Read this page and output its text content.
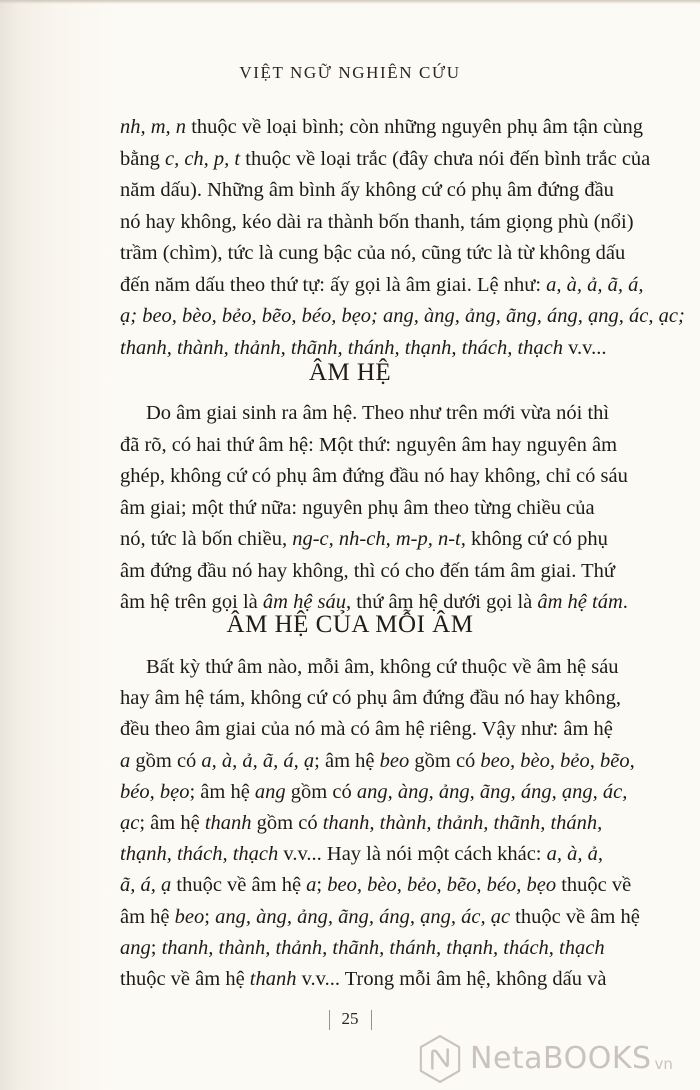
VIỆT NGỮ NGHIÊN CỨU
nh, m, n thuộc về loại bình; còn những nguyên phụ âm tận cùng
bằng c, ch, p, t thuộc về loại trắc (đây chưa nói đến bình trắc của
năm dấu). Những âm bình ấy không cứ có phụ âm đứng đầu
nó hay không, kéo dài ra thành bốn thanh, tám giọng phù (nổi)
trầm (chìm), tức là cung bậc của nó, cũng tức là từ không dấu
đến năm dấu theo thứ tự: ấy gọi là âm giai. Lệ như: a, à, ả, ã, á,
ạ; beo, bèo, bẻo, bẽo, béo, bẹo; ang, àng, ảng, ãng, áng, ạng, ác, ạc;
thanh, thành, thảnh, thãnh, thánh, thạnh, thách, thạch v.v...
ÂM HỆ
Do âm giai sinh ra âm hệ. Theo như trên mới vừa nói thì
đã rõ, có hai thứ âm hệ: Một thứ: nguyên âm hay nguyên âm
ghép, không cứ có phụ âm đứng đầu nó hay không, chỉ có sáu
âm giai; một thứ nữa: nguyên phụ âm theo từng chiều của
nó, tức là bốn chiều, ng-c, nh-ch, m-p, n-t, không cứ có phụ
âm đứng đầu nó hay không, thì có cho đến tám âm giai. Thứ
âm hệ trên gọi là âm hệ sáu, thứ âm hệ dưới gọi là âm hệ tám.
ÂM HỆ CỦA MỖI ÂM
Bất kỳ thứ âm nào, mỗi âm, không cứ thuộc về âm hệ sáu
hay âm hệ tám, không cứ có phụ âm đứng đầu nó hay không,
đều theo âm giai của nó mà có âm hệ riêng. Vậy như: âm hệ
a gồm có a, à, ả, ã, á, ạ; âm hệ beo gồm có beo, bèo, bẻo, bẽo,
béo, bẹo; âm hệ ang gồm có ang, àng, ảng, ãng, áng, ạng, ác,
ạc; âm hệ thanh gồm có thanh, thành, thảnh, thãnh, thánh,
thạnh, thách, thạch v.v... Hay là nói một cách khác: a, à, ả,
ã, á, ạ thuộc về âm hệ a; beo, bèo, bẻo, bẽo, béo, bẹo thuộc về
âm hệ beo; ang, àng, ảng, ãng, áng, ạng, ác, ạc thuộc về âm hệ
ang; thanh, thành, thảnh, thãnh, thánh, thạnh, thách, thạch
thuộc về âm hệ thanh v.v... Trong mỗi âm hệ, không dấu và
25
NetaBOOKS vn
